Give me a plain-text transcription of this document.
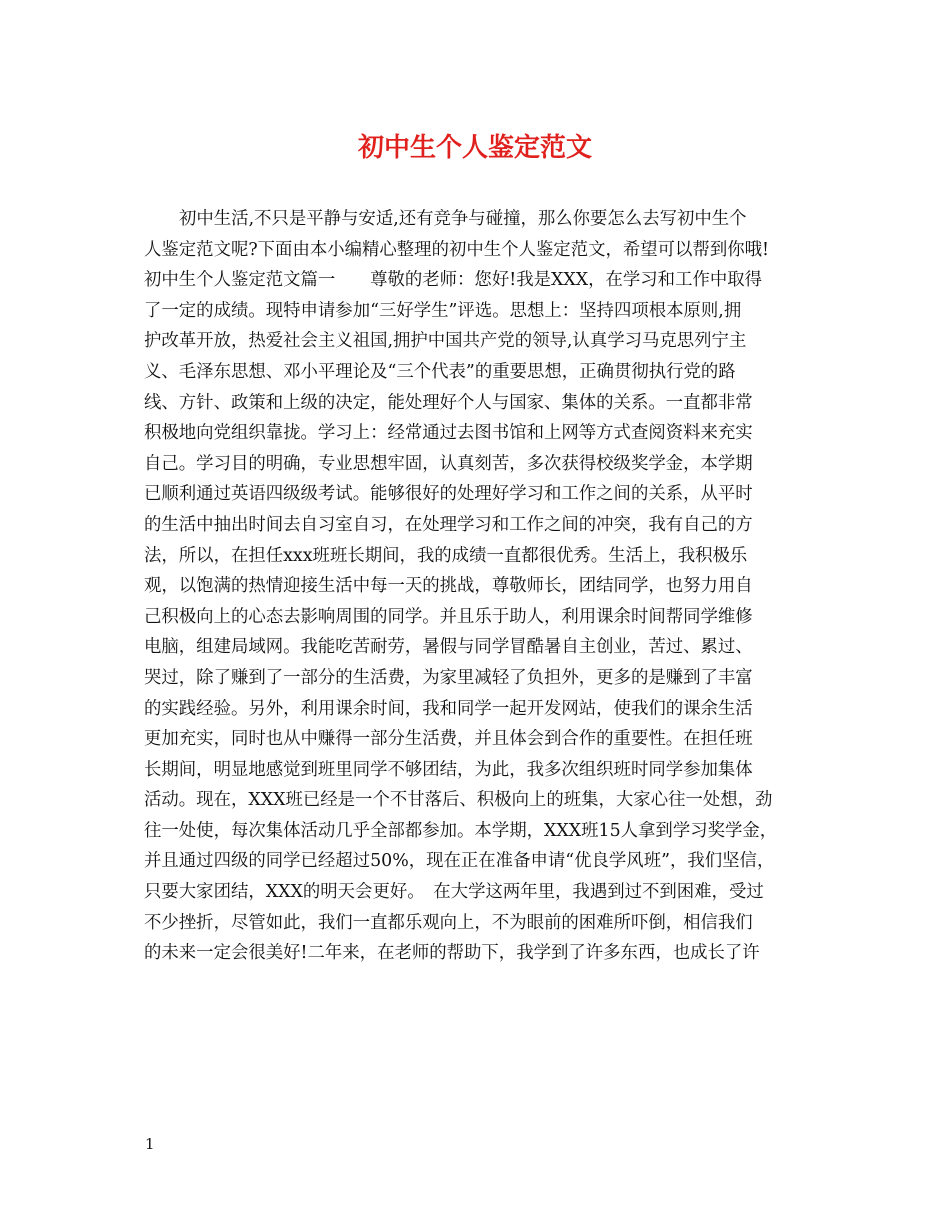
初中生个人鉴定范文
初中生活,不只是平静与安适,还有竞争与碰撞，那么你要怎么去写初中生个
人鉴定范文呢?下面由本小编精心整理的初中生个人鉴定范文，希望可以帮到你哦!
初中生个人鉴定范文篇一　　尊敬的老师：您好!我是XXX，在学习和工作中取得
了一定的成绩。现特申请参加“三好学生”评选。思想上：坚持四项根本原则,拥
护改革开放，热爱社会主义祖国,拥护中国共产党的领导,认真学习马克思列宁主
义、毛泽东思想、邓小平理论及“三个代表”的重要思想，正确贯彻执行党的路
线、方针、政策和上级的决定，能处理好个人与国家、集体的关系。一直都非常
积极地向党组织靠拢。学习上：经常通过去图书馆和上网等方式查阅资料来充实
自己。学习目的明确，专业思想牢固，认真刻苦，多次获得校级奖学金，本学期
已顺利通过英语四级级考试。能够很好的处理好学习和工作之间的关系，从平时
的生活中抽出时间去自习室自习，在处理学习和工作之间的冲突，我有自己的方
法，所以，在担任xxx班班长期间，我的成绩一直都很优秀。生活上，我积极乐
观，以饱满的热情迎接生活中每一天的挑战，尊敬师长，团结同学，也努力用自
己积极向上的心态去影响周围的同学。并且乐于助人，利用课余时间帮同学维修
电脑，组建局域网。我能吃苦耐劳，暑假与同学冒酷暑自主创业，苦过、累过、
哭过，除了赚到了一部分的生活费，为家里减轻了负担外，更多的是赚到了丰富
的实践经验。另外，利用课余时间，我和同学一起开发网站，使我们的课余生活
更加充实，同时也从中赚得一部分生活费，并且体会到合作的重要性。在担任班
长期间，明显地感觉到班里同学不够团结，为此，我多次组织班时同学参加集体
活动。现在，XXX班已经是一个不甘落后、积极向上的班集，大家心往一处想，劲
往一处使，每次集体活动几乎全部都参加。本学期，XXX班15人拿到学习奖学金，
并且通过四级的同学已经超过50%，现在正在准备申请“优良学风班”，我们坚信，
只要大家团结，XXX的明天会更好。　在大学这两年里，我遇到过不到困难，受过
不少挫折，尽管如此，我们一直都乐观向上，不为眼前的困难所吓倒，相信我们
的未来一定会很美好!二年来，在老师的帮助下，我学到了许多东西，也成长了许
1
